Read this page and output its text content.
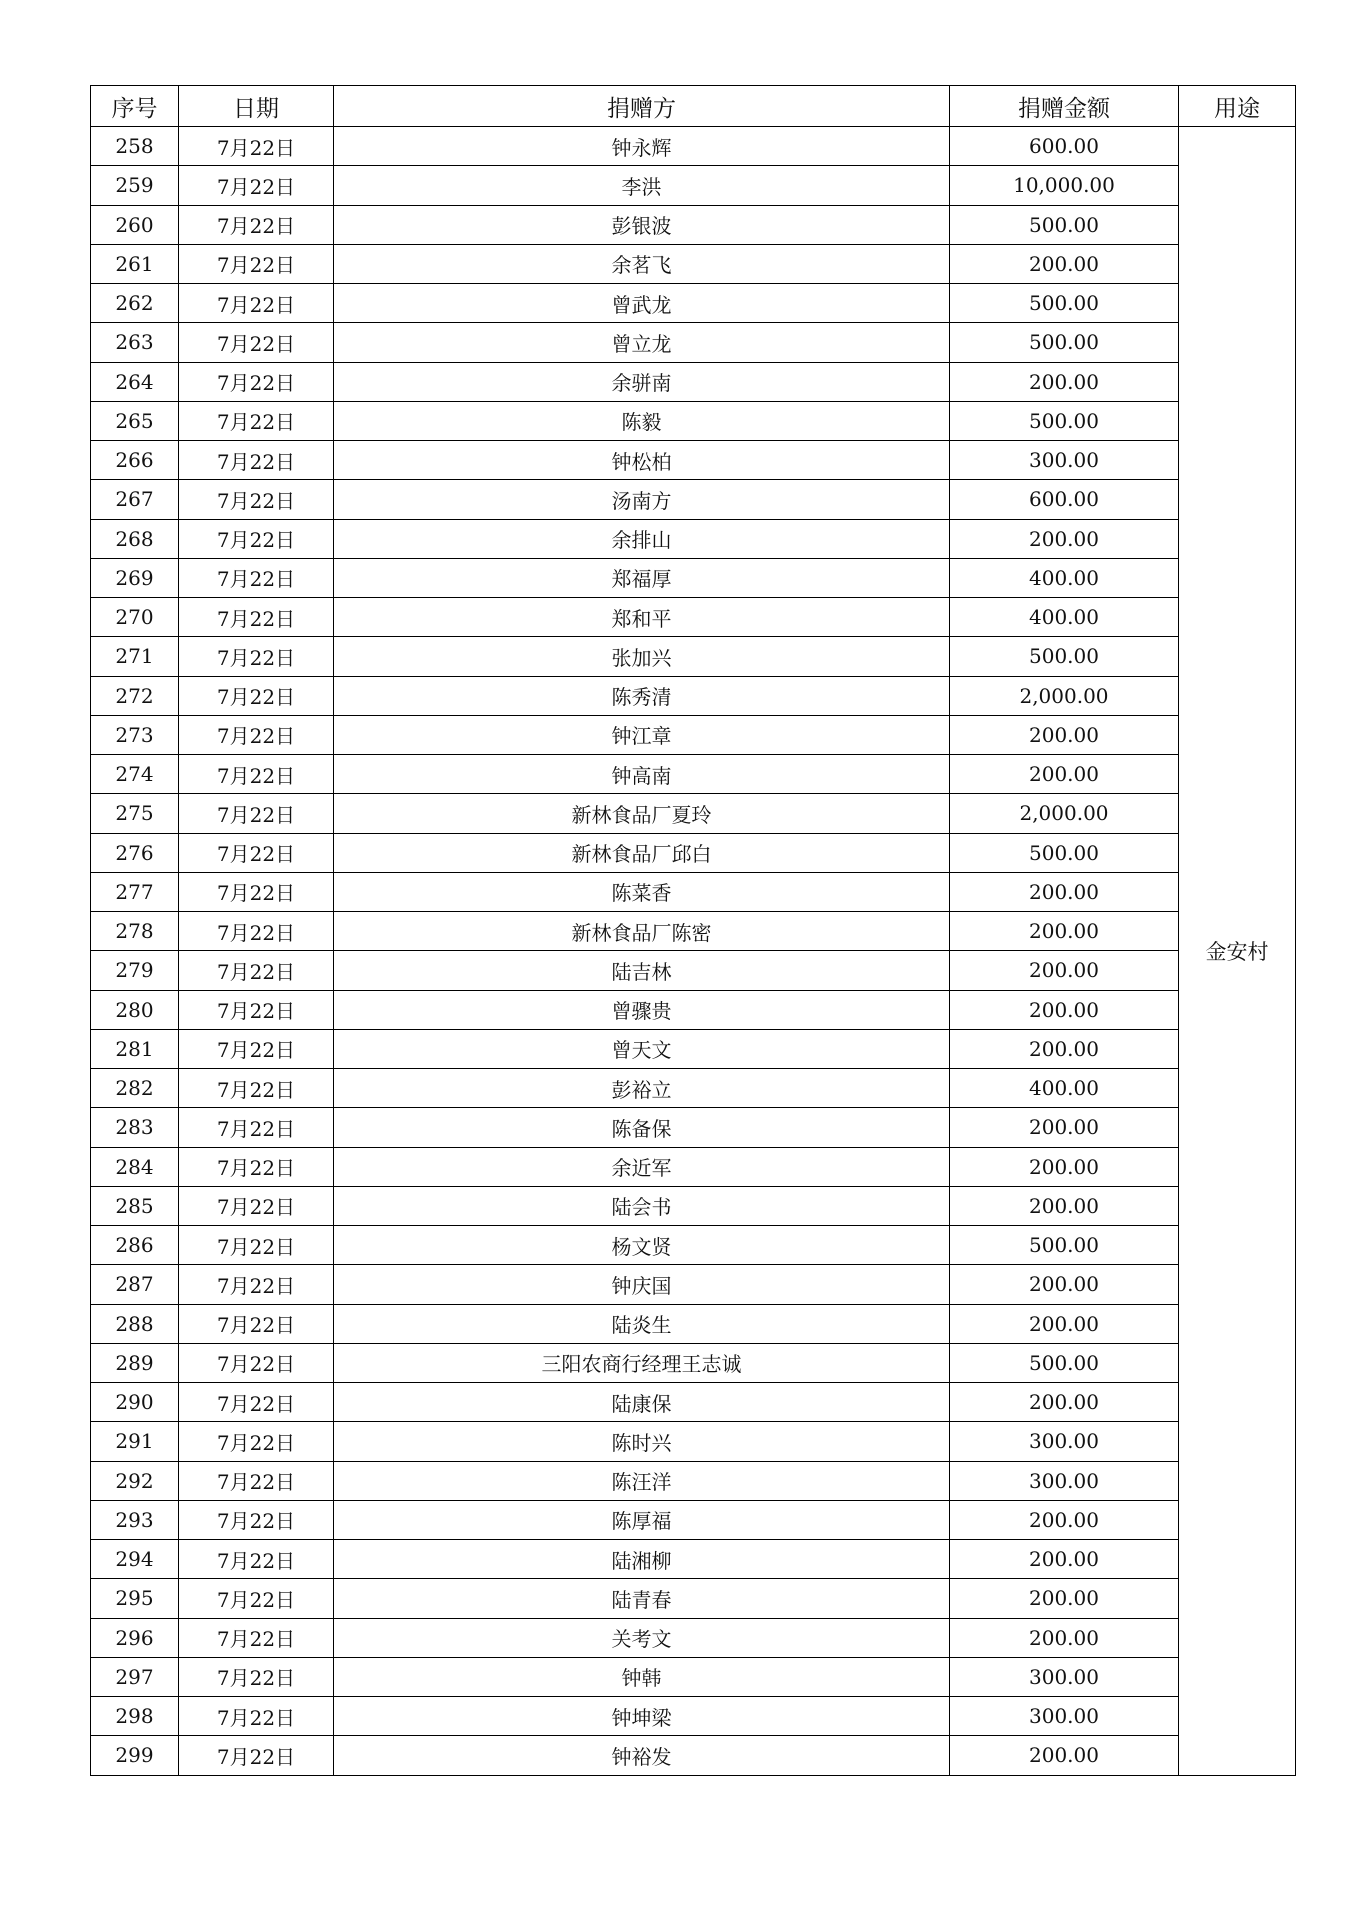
序号	日期	捐赠方	捐赠金额	用途
258	7月22日	钟永辉	600.00	金安村
259	7月22日	李洪	10,000.00	
260	7月22日	彭银波	500.00	
261	7月22日	余茗飞	200.00	
262	7月22日	曾武龙	500.00	
263	7月22日	曾立龙	500.00	
264	7月22日	余骈南	200.00	
265	7月22日	陈毅	500.00	
266	7月22日	钟松柏	300.00	
267	7月22日	汤南方	600.00	
268	7月22日	余排山	200.00	
269	7月22日	郑福厚	400.00	
270	7月22日	郑和平	400.00	
271	7月22日	张加兴	500.00	
272	7月22日	陈秀清	2,000.00	
273	7月22日	钟江章	200.00	
274	7月22日	钟高南	200.00	
275	7月22日	新林食品厂夏玲	2,000.00	
276	7月22日	新林食品厂邱白	500.00	
277	7月22日	陈菜香	200.00	
278	7月22日	新林食品厂陈密	200.00	
279	7月22日	陆吉林	200.00	
280	7月22日	曾骤贵	200.00	
281	7月22日	曾天文	200.00	
282	7月22日	彭裕立	400.00	
283	7月22日	陈备保	200.00	
284	7月22日	余近军	200.00	
285	7月22日	陆会书	200.00	
286	7月22日	杨文贤	500.00	
287	7月22日	钟庆国	200.00	
288	7月22日	陆炎生	200.00	
289	7月22日	三阳农商行经理王志诚	500.00	
290	7月22日	陆康保	200.00	
291	7月22日	陈时兴	300.00	
292	7月22日	陈汪洋	300.00	
293	7月22日	陈厚福	200.00	
294	7月22日	陆湘柳	200.00	
295	7月22日	陆青春	200.00	
296	7月22日	关考文	200.00	
297	7月22日	钟韩	300.00	
298	7月22日	钟坤梁	300.00	
299	7月22日	钟裕发	200.00	
